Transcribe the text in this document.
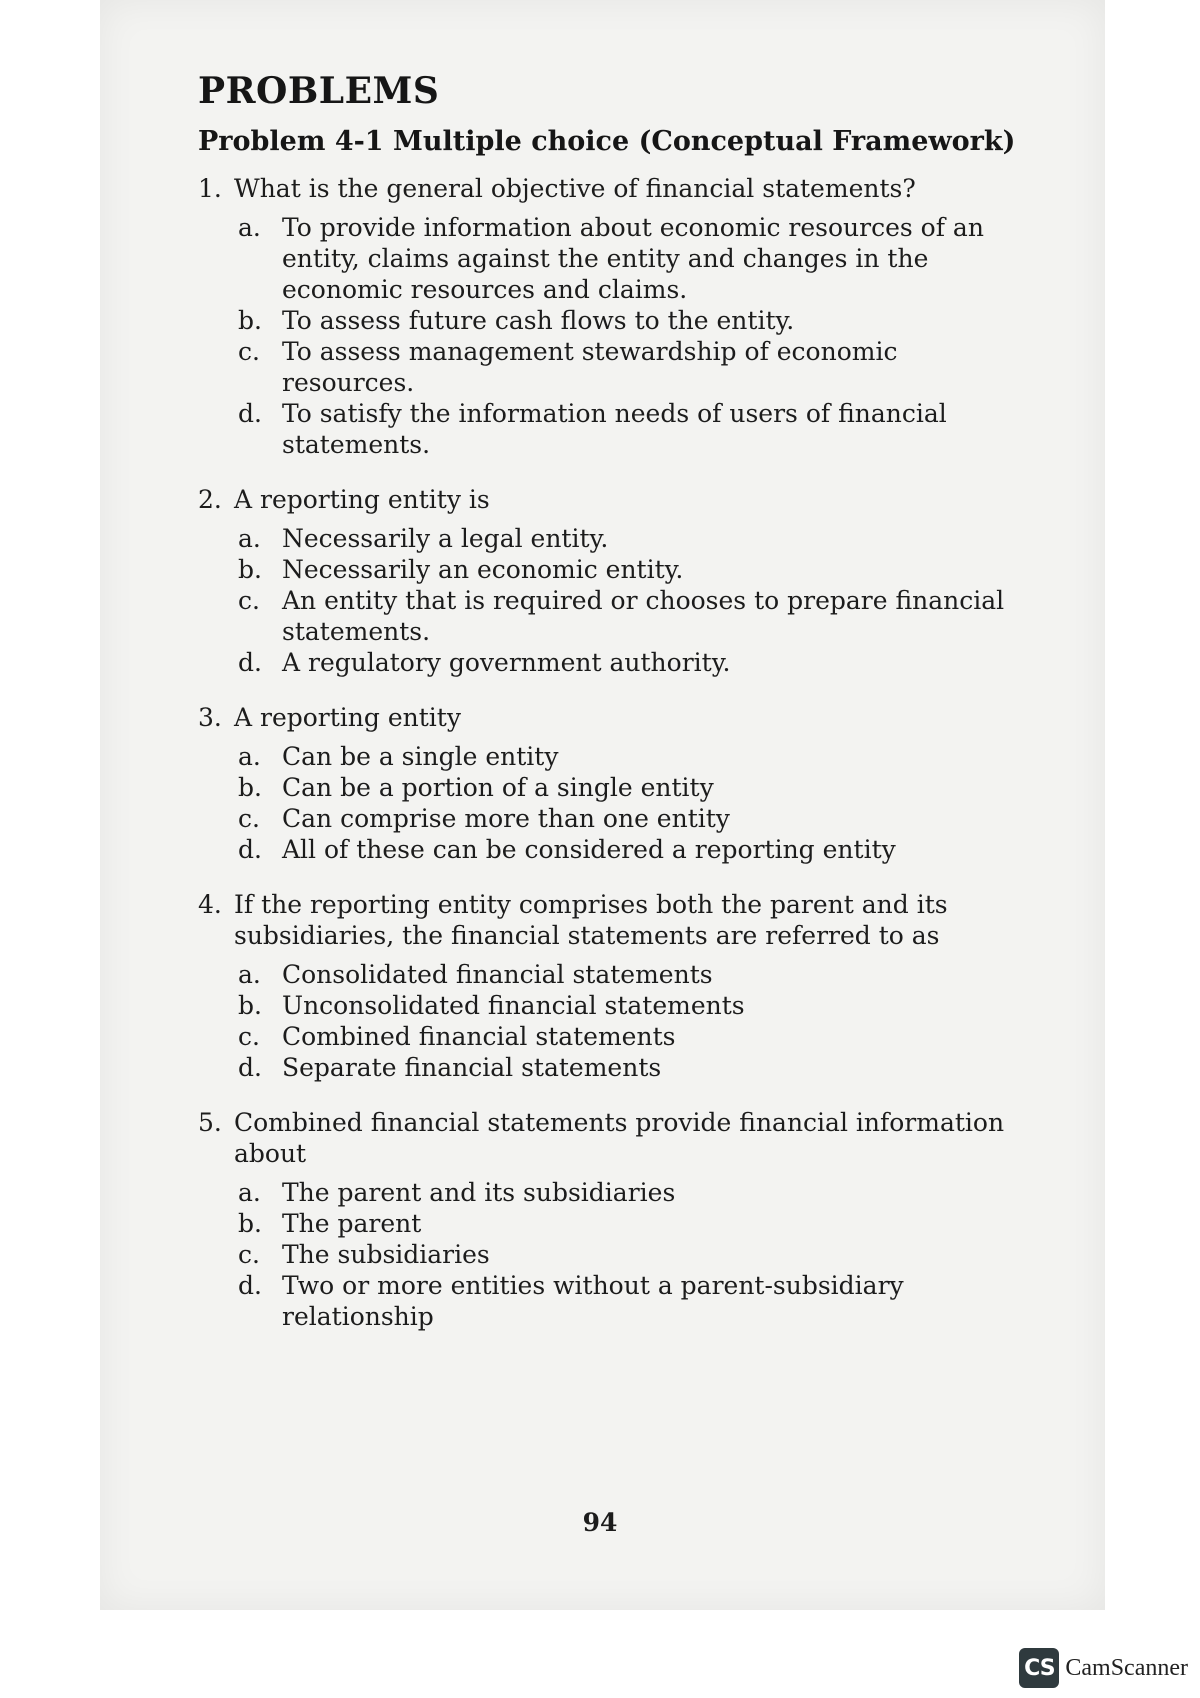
PROBLEMS
Problem 4-1 Multiple choice (Conceptual Framework)
1. What is the general objective of financial statements?
a. To provide information about economic resources of an entity, claims against the entity and changes in the economic resources and claims.
b. To assess future cash flows to the entity.
c. To assess management stewardship of economic resources.
d. To satisfy the information needs of users of financial statements.
2. A reporting entity is
a. Necessarily a legal entity.
b. Necessarily an economic entity.
c. An entity that is required or chooses to prepare financial statements.
d. A regulatory government authority.
3. A reporting entity
a. Can be a single entity
b. Can be a portion of a single entity
c. Can comprise more than one entity
d. All of these can be considered a reporting entity
4. If the reporting entity comprises both the parent and its subsidiaries, the financial statements are referred to as
a. Consolidated financial statements
b. Unconsolidated financial statements
c. Combined financial statements
d. Separate financial statements
5. Combined financial statements provide financial information about
a. The parent and its subsidiaries
b. The parent
c. The subsidiaries
d. Two or more entities without a parent-subsidiary relationship
94
CS CamScanner
